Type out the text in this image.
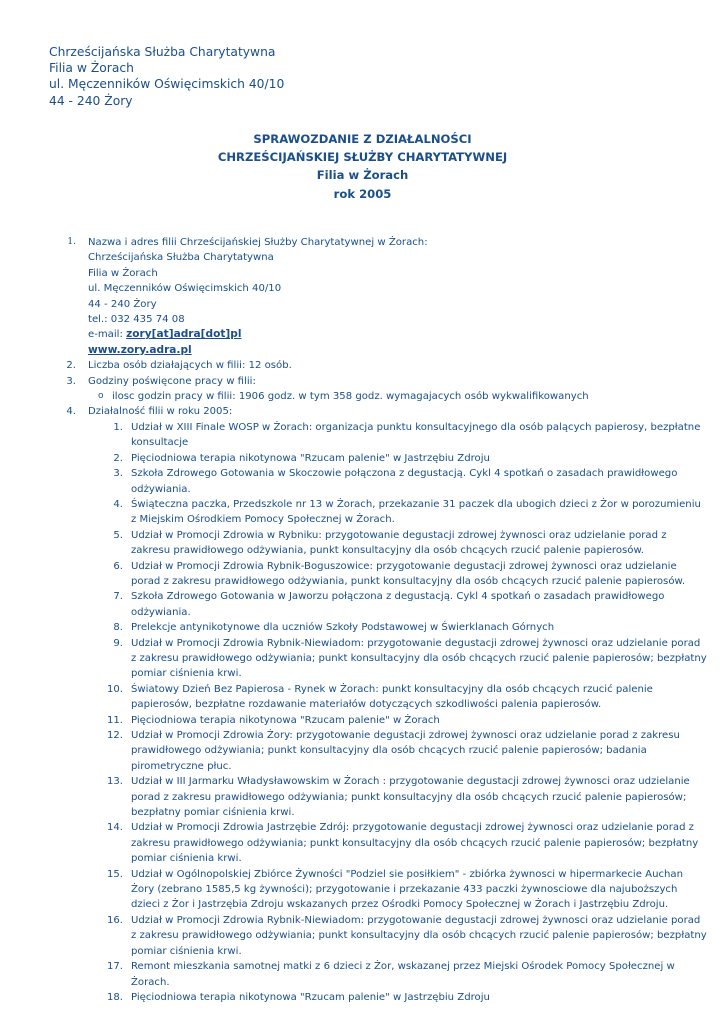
Chrześcijańska Służba Charytatywna
Filia w Żorach
ul. Męczenników Oświęcimskich 40/10
44 - 240 Żory
SPRAWOZDANIE Z DZIAŁALNOŚCI
CHRZEŚCIJAŃSKIEJ SŁUŻBY CHARYTATYWNEJ
Filia w Żorach
rok 2005
1. Nazwa i adres filii Chrześcijańskiej Służby Charytatywnej w Żorach:
Chrześcijańska Służba Charytatywna
Filia w Żorach
ul. Męczenników Oświęcimskich 40/10
44 - 240 Żory
tel.: 032 435 74 08
e-mail: zory[at]adra[dot]pl
www.zory.adra.pl
2. Liczba osób działających w filii: 12 osób.
3. Godziny poświęcone pracy w filii:
o ilosc godzin pracy w filii: 1906 godz. w tym 358 godz. wymagajacych osób wykwalifikowanych
4. Działalność filii w roku 2005:
1. Udział w XIII Finale WOSP w Żorach: organizacja punktu konsultacyjnego dla osób palących papierosy, bezpłatne
konsultacje
2. Pięciodniowa terapia nikotynowa "Rzucam palenie" w Jastrzębiu Zdroju
3. Szkoła Zdrowego Gotowania w Skoczowie połączona z degustacją. Cykl 4 spotkań o zasadach prawidłowego
odżywiania.
4. Świąteczna paczka, Przedszkole nr 13 w Żorach, przekazanie 31 paczek dla ubogich dzieci z Żor w porozumieniu
z Miejskim Ośrodkiem Pomocy Społecznej w Żorach.
5. Udział w Promocji Zdrowia w Rybniku: przygotowanie degustacji zdrowej żywnosci oraz udzielanie porad z
zakresu prawidłowego odżywiania, punkt konsultacyjny dla osób chcących rzucić palenie papierosów.
6. Udział w Promocji Zdrowia Rybnik-Boguszowice: przygotowanie degustacji zdrowej żywnosci oraz udzielanie
porad z zakresu prawidłowego odżywiania, punkt konsultacyjny dla osób chcących rzucić palenie papierosów.
7. Szkoła Zdrowego Gotowania w Jaworzu połączona z degustacją. Cykl 4 spotkań o zasadach prawidłowego
odżywiania.
8. Prelekcje antynikotynowe dla uczniów Szkoły Podstawowej w Świerklanach Górnych
9. Udział w Promocji Zdrowia Rybnik-Niewiadom: przygotowanie degustacji zdrowej żywnosci oraz udzielanie porad
z zakresu prawidłowego odżywiania; punkt konsultacyjny dla osób chcących rzucić palenie papierosów; bezpłatny
pomiar ciśnienia krwi.
10. Światowy Dzień Bez Papierosa - Rynek w Żorach: punkt konsultacyjny dla osób chcących rzucić palenie
papierosów, bezpłatne rozdawanie materiałów dotyczących szkodliwości palenia papierosów.
11. Pięciodniowa terapia nikotynowa "Rzucam palenie" w Żorach
12. Udział w Promocji Zdrowia Żory: przygotowanie degustacji zdrowej żywnosci oraz udzielanie porad z zakresu
prawidłowego odżywiania; punkt konsultacyjny dla osób chcących rzucić palenie papierosów; badania
pirometryczne płuc.
13. Udział w III Jarmarku Władysławowskim w Żorach : przygotowanie degustacji zdrowej żywnosci oraz udzielanie
porad z zakresu prawidłowego odżywiania; punkt konsultacyjny dla osób chcących rzucić palenie papierosów;
bezpłatny pomiar ciśnienia krwi.
14. Udział w Promocji Zdrowia Jastrzębie Zdrój: przygotowanie degustacji zdrowej żywnosci oraz udzielanie porad z
zakresu prawidłowego odżywiania; punkt konsultacyjny dla osób chcących rzucić palenie papierosów; bezpłatny
pomiar ciśnienia krwi.
15. Udział w Ogólnopolskiej Zbiórce Żywności "Podziel sie posiłkiem" - zbiórka żywnosci w hipermarkecie Auchan
Żory (zebrano 1585,5 kg żywności); przygotowanie i przekazanie 433 paczki żywnosciowe dla najuboższych
dzieci z Żor i Jastrzębia Zdroju wskazanych przez Ośrodki Pomocy Społecznej w Żorach i Jastrzębiu Zdroju.
16. Udział w Promocji Zdrowia Rybnik-Niewiadom: przygotowanie degustacji zdrowej żywnosci oraz udzielanie porad
z zakresu prawidłowego odżywiania; punkt konsultacyjny dla osób chcących rzucić palenie papierosów; bezpłatny
pomiar ciśnienia krwi.
17. Remont mieszkania samotnej matki z 6 dzieci z Żor, wskazanej przez Miejski Ośrodek Pomocy Społecznej w
Żorach.
18. Pięciodniowa terapia nikotynowa "Rzucam palenie" w Jastrzębiu Zdroju
